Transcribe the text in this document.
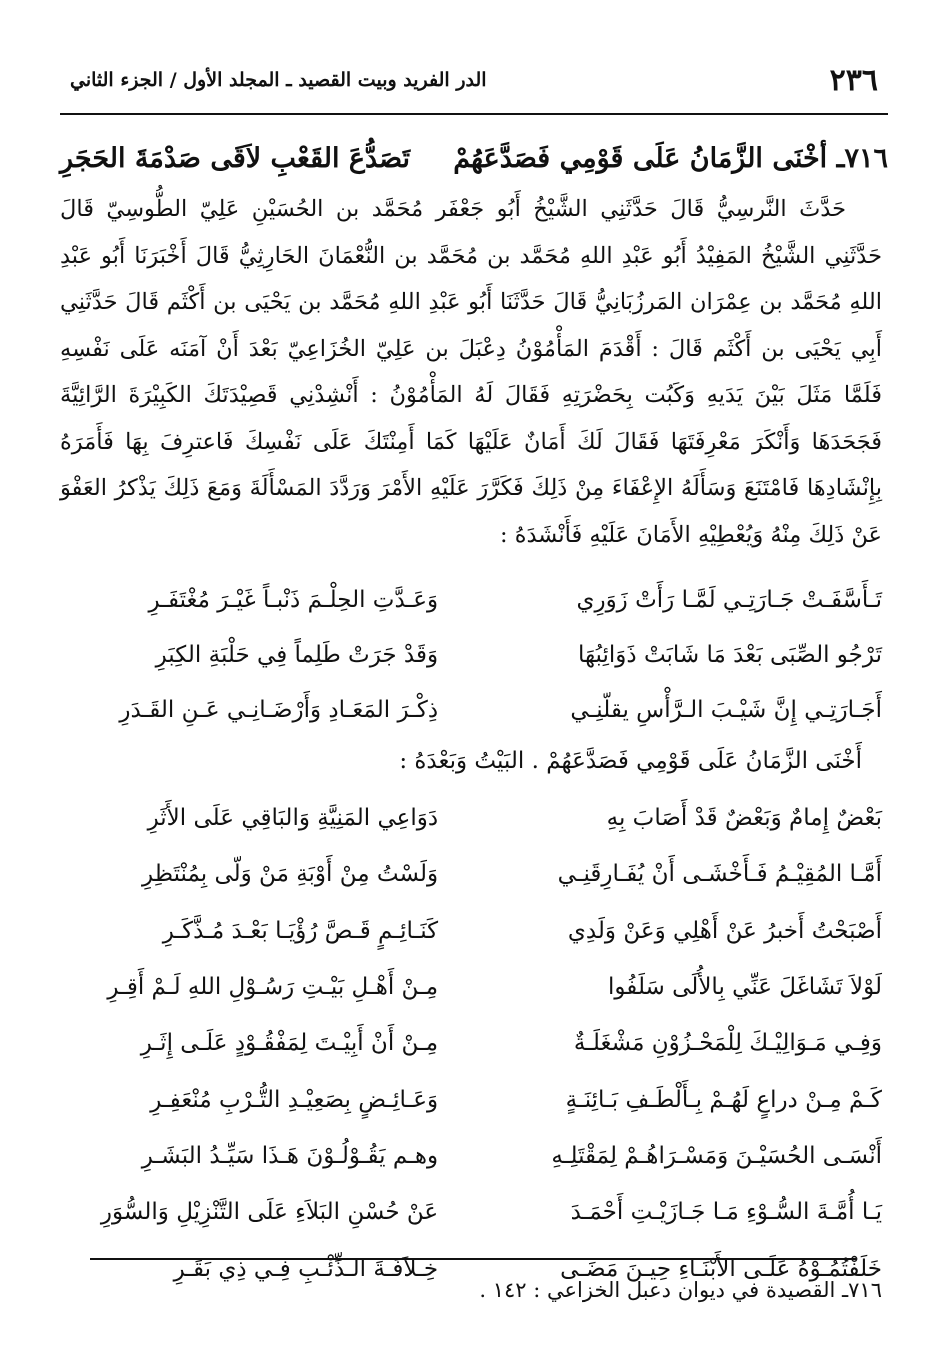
٢٣٦
الدر الفريد وبيت القصيد ـ المجلد الأول / الجزء الثاني
٧١٦ـ أخْنَى الزَّمَانُ عَلَى قَوْمِي فَصَدَّعَهُمْ
تَصَدُّعَ القَعْبِ لاَقَى صَدْمَةَ الحَجَرِ

حَدَّثَ النَّرسِيُّ قَالَ حَدَّثَنِي الشَّيْخُ أَبُو جَعْفَر مُحَمَّد بن الحُسَيْنِ عَلِيّ الطُّوسِيّ قَالَ حَدَّثَنِي الشَّيْخُ المَفِيْدُ أَبُو عَبْدِ اللهِ مُحَمَّد بن مُحَمَّد بن النُّعْمَانَ الحَارِثِيُّ قَالَ أَخْبَرَنَا أَبُو عَبْدِ اللهِ مُحَمَّد بن عِمْرَان المَرزُبَانِيُّ قَالَ حَدَّثَنَا أَبُو عَبْدِ اللهِ مُحَمَّد بن يَحْيَى بن أَكْثَم قَالَ حَدَّثَنِي أَبِي يَحْيَى بن أَكْثَم قَالَ : أَقْدَمَ المَأْمُوْنُ دِعْبَلَ بن عَلِيّ الخُزَاعِيّ بَعْدَ أَنْ آمَنَه عَلَى نَفْسِهِ فَلَمَّا مَثَلَ بَيْنَ يَدَيهِ وَكَبُت بِحَضْرَتِهِ فَقَالَ لَهُ المَأْمُوْنُ : أَنْشِدْنِي قَصِيْدَتَكَ الكَبِيْرَةَ الرَّائِيَّةَ فَجَحَدَهَا وَأَنْكَرَ مَعْرِفَتَهَا فَقَالَ لَكَ أَمَانٌ عَلَيْهَا كَمَا أَمِنْتَكَ عَلَى نَفْسِكَ فَاعترِفَ بِهَا فَأَمَرَهُ بِإِنْشَادِهَا فَامْتَنَعَ وَسَأَلَهُ الإِعْفَاءَ مِنْ ذَلِكَ فَكَرَّرَ عَلَيْهِ الأَمْرَ وَرَدَّدَ المَسْأَلَةَ وَمَعَ ذَلِكَ يَذْكرُ العَفْوَ عَنْ ذَلِكَ مِنْهُ وَيُعْطِيْهِ الأَمَانَ عَلَيْهِ فَأَنْشَدَهُ :

تَـأَسَّفَـتْ جَـارَتِـي لَمَّـا رَأَتْ زَوَرِي
وَعَـدَّتِ الحِلْـمَ ذَنْبـاً غَيْـرَ مُغْتَفَـرِ
تَرْجُو الصِّبَى بَعْدَ مَا شَابَتْ ذَوَائِبُهَا
وَقَدْ جَرَتْ طَلِماً فِي حَلْبَةِ الكِبَرِ
أَجَـارَتِـي إِنَّ شَيْـبَ الـرَّأْسِ يقلّنِـي
ذِكْـرَ المَعَـادِ وَأَرْضَـانِـي عَـنِ القَـدَرِ
أَخْنَى الزَّمَانُ عَلَى قَوْمِي فَصَدَّعَهُمْ . البَيْتُ وَبَعْدَهُ :
بَعْضٌ إِمامٌ وَبَعْضٌ قَدْ أَصَابَ بِهِ
دَوَاعِي المَنِيَّةِ وَالبَاقِي عَلَى الأَثَرِ
أَمَّـا المُقِيْـمُ فَـأَخْشَـى أَنْ يُفَـارِقَنِـي
وَلَسْتُ مِنْ أَوْبَةِ مَنْ وَلّى بِمُنْتَظِرِ
أَصْبَحْتُ أَخبرُ عَنْ أَهْلِي وَعَنْ وَلَدِي
كَنَـائِـمٍ قَـصَّ رُؤْيَـا بَعْـدَ مُـذَّكَـرِ
لَوْلاَ تَشَاغَلَ عَنِّي بِالأُلَى سَلَفُوا
مِـنْ أَهْـلِ بَيْـتِ رَسُـوْلِ اللهِ لَـمْ أَقِـرِ
وَفِـي مَـوَالِيْـكَ لِلْمَحْـزُوْنِ مَشْغَلَـةٌ
مِـنْ أَنْ أَبِيْـتَ لِمَفْقُـوْدٍ عَلَـى إِثَـرِ
كَـمْ مِـنْ دراعٍ لَهُـمْ بِـأَلْطَـفِ بَـائِنَـةٍ
وَعَـائِـضٍ بِصَعِيْـدِ التُّـرْبِ مُنْعَفِـرِ
أَنْسَـى الحُسَيْـنَ وَمَسْـرَاهُـمْ لِمَقْتَلِـهِ
وهـم يَقُـوْلُـوْنَ هَـذَا سَيِّـدُ البَشَـرِ
يَـا أُمَّـةَ السُّـوْءِ مَـا جَـازَيْـتِ أَحْمَـدَ
عَنْ حُسْنِ البَلاَءِ عَلَى التَّنْزِيْلِ وَالسُّوَرِ
خَلَفْتُمُـوْهُ عَلَـى الأَبْنَـاءِ حِيـنَ مَضَـى
خِـلاَفَـةَ الـذِّئْـبِ فِـي ذِي بَقَـرِ
٧١٦ـ القصيدة في ديوان دعبل الخزاعي : ١٤٢ .
